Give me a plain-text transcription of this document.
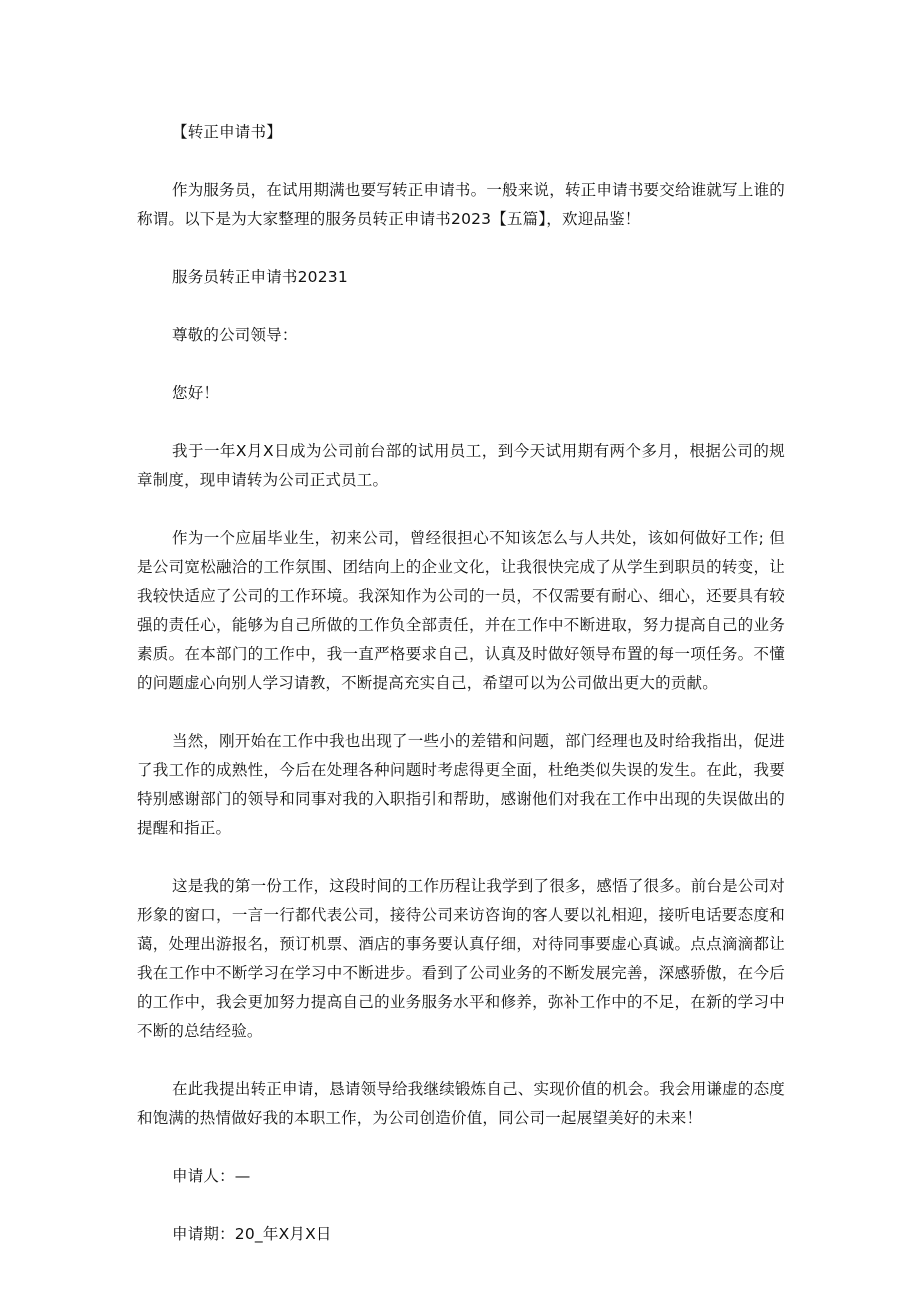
【转正申请书】

作为服务员，在试用期满也要写转正申请书。一般来说，转正申请书要交给谁就写上谁的称谓。以下是为大家整理的服务员转正申请书2023【五篇】，欢迎品鉴！

服务员转正申请书20231

尊敬的公司领导：

您好！

我于一年X月X日成为公司前台部的试用员工，到今天试用期有两个多月，根据公司的规章制度，现申请转为公司正式员工。

作为一个应届毕业生，初来公司，曾经很担心不知该怎么与人共处，该如何做好工作; 但是公司宽松融洽的工作氛围、团结向上的企业文化，让我很快完成了从学生到职员的转变，让我较快适应了公司的工作环境。我深知作为公司的一员，不仅需要有耐心、细心，还要具有较强的责任心，能够为自己所做的工作负全部责任，并在工作中不断进取，努力提高自己的业务素质。在本部门的工作中，我一直严格要求自己，认真及时做好领导布置的每一项任务。不懂的问题虚心向别人学习请教，不断提高充实自己，希望可以为公司做出更大的贡献。

当然，刚开始在工作中我也出现了一些小的差错和问题，部门经理也及时给我指出，促进了我工作的成熟性，今后在处理各种问题时考虑得更全面，杜绝类似失误的发生。在此，我要特别感谢部门的领导和同事对我的入职指引和帮助，感谢他们对我在工作中出现的失误做出的提醒和指正。

这是我的第一份工作，这段时间的工作历程让我学到了很多，感悟了很多。前台是公司对形象的窗口，一言一行都代表公司，接待公司来访咨询的客人要以礼相迎，接听电话要态度和蔼，处理出游报名，预订机票、酒店的事务要认真仔细，对待同事要虚心真诚。点点滴滴都让我在工作中不断学习在学习中不断进步。看到了公司业务的不断发展完善，深感骄傲，在今后的工作中，我会更加努力提高自己的业务服务水平和修养，弥补工作中的不足，在新的学习中不断的总结经验。

在此我提出转正申请，恳请领导给我继续锻炼自己、实现价值的机会。我会用谦虚的态度和饱满的热情做好我的本职工作，为公司创造价值，同公司一起展望美好的未来！

申请人：—

申请期：20_年X月X日
